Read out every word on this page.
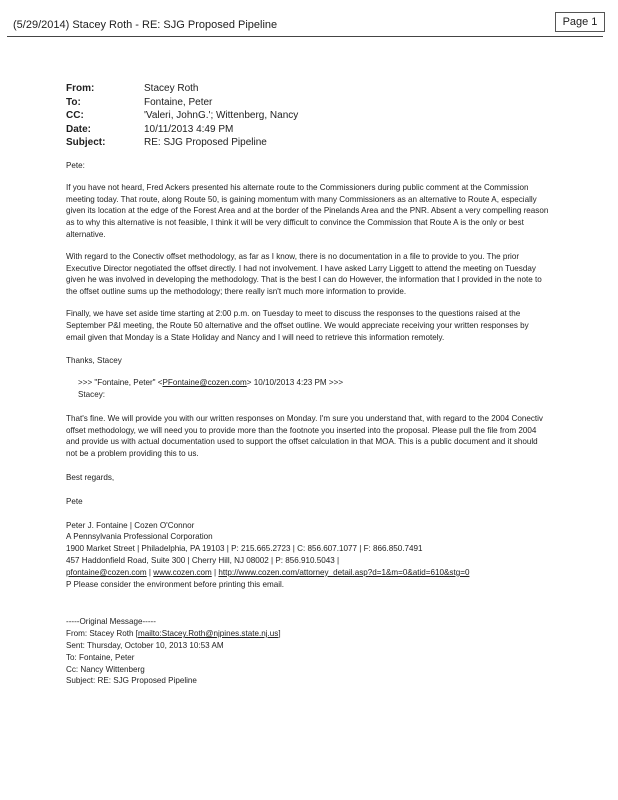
(5/29/2014) Stacey Roth - RE: SJG Proposed Pipeline	Page 1
From:	Stacey Roth
To:	Fontaine, Peter
CC:	'Valeri, JohnG.'; Wittenberg, Nancy
Date:	10/11/2013 4:49 PM
Subject:	RE: SJG Proposed Pipeline

Pete:

If you have not heard, Fred Ackers presented his alternate route to the Commissioners during public comment at the Commission meeting today. That route, along Route 50, is gaining momentum with many Commissioners as an alternative to Route A, especially given its location at the edge of the Forest Area and at the border of the Pinelands Area and the PNR. Absent a very compelling reason as to why this alternative is not feasible, I think it will be very difficult to convince the Commission that Route A is the only or best alternative.

With regard to the Conectiv offset methodology, as far as I know, there is no documentation in a file to provide to you. The prior Executive Director negotiated the offset directly. I had not involvement. I have asked Larry Liggett to attend the meeting on Tuesday given he was involved in developing the methodology. That is the best I can do However, the information that I provided in the note to the offset outline sums up the methodology; there really isn't much more information to provide.

Finally, we have set aside time starting at 2:00 p.m. on Tuesday to meet to discuss the responses to the questions raised at the September P&I meeting, the Route 50 alternative and the offset outline. We would appreciate receiving your written responses by email given that Monday is a State Holiday and Nancy and I will need to retrieve this information remotely.

Thanks, Stacey

>>> "Fontaine, Peter" <PFontaine@cozen.com> 10/10/2013 4:23 PM >>>

Stacey:

That's fine. We will provide you with our written responses on Monday. I'm sure you understand that, with regard to the 2004 Conectiv offset methodology, we will need you to provide more than the footnote you inserted into the proposal. Please pull the file from 2004 and provide us with actual documentation used to support the offset calculation in that MOA. This is a public document and it should not be a problem providing this to us.

Best regards,

Pete

Peter J. Fontaine | Cozen O'Connor

A Pennsylvania Professional Corporation

1900 Market Street | Philadelphia, PA 19103 | P: 215.665.2723 | C: 856.607.1077 | F: 866.850.7491

457 Haddonfield Road, Suite 300 | Cherry Hill, NJ 08002 | P: 856.910.5043 |

pfontaine@cozen.com | www.cozen.com | http://www.cozen.com/attorney_detail.asp?d=1&m=0&atid=610&stg=0

P Please consider the environment before printing this email.

-----Original Message-----

From: Stacey Roth [mailto:Stacey.Roth@njpines.state.nj.us]

Sent: Thursday, October 10, 2013 10:53 AM

To: Fontaine, Peter

Cc: Nancy Wittenberg

Subject: RE: SJG Proposed Pipeline
